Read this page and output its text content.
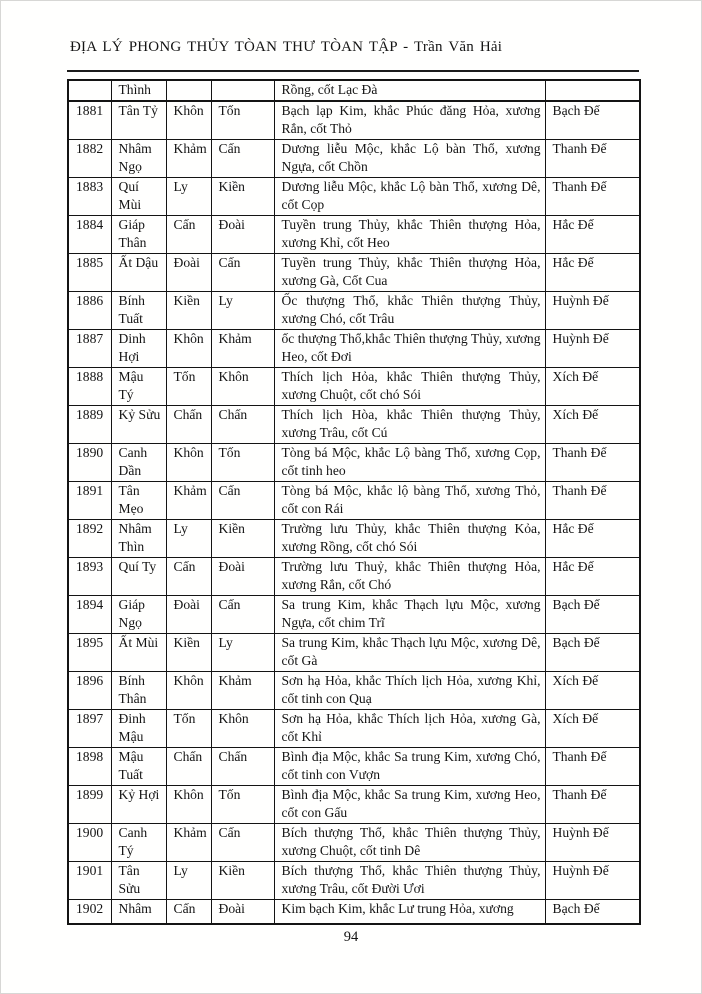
ĐỊA LÝ PHONG THỦY TÒAN THƯ TÒAN TẬP - Trần Văn Hải
	Thình			Rồng, cốt Lạc Đà	
1881	Tân Tỷ	Khôn	Tốn	Bạch lạp Kim, khắc Phúc đăng Hỏa, xương Rắn, cốt Thỏ	Bạch Đế
1882	Nhâm Ngọ	Khảm	Cấn	Dương liễu Mộc, khắc Lộ bàn Thổ, xương Ngựa, cốt Chồn	Thanh Đế
1883	Quí Mùi	Ly	Kiền	Dương liễu Mộc, khắc Lộ bàn Thổ, xương Dê, cốt Cọp	Thanh Đế
1884	Giáp Thân	Cấn	Đoài	Tuyền trung Thủy, khắc Thiên thượng Hỏa, xương Khỉ, cốt Heo	Hắc Đế
1885	Ất Dậu	Đoài	Cấn	Tuyền trung Thủy, khắc Thiên thượng Hỏa, xương Gà, Cốt Cua	Hắc Đế
1886	Bính Tuất	Kiền	Ly	Ốc thượng Thổ, khắc Thiên thượng Thủy, xương Chó, cốt Trâu	Huỳnh Đế
1887	Dinh Hợi	Khôn	Khảm	ốc thượng Thổ,khắc Thiên thượng Thủy, xương Heo, cốt Đơi	Huỳnh Đế
1888	Mậu Tý	Tốn	Khôn	Thích lịch Hỏa, khắc Thiên thượng Thủy, xương Chuột, cốt chó Sói	Xích Đế
1889	Kỷ Sửu	Chấn	Chấn	Thích lịch Hòa, khắc Thiên thượng Thủy, xương Trâu, cốt Cú	Xích Đế
1890	Canh Dần	Khôn	Tốn	Tòng bá Mộc, khắc Lộ bàng Thổ, xương Cọp, cốt tinh heo	Thanh Đế
1891	Tân Mẹo	Khảm	Cấn	Tòng bá Mộc, khắc lộ bàng Thổ, xương Thỏ, cốt con Rái	Thanh Đế
1892	Nhâm Thìn	Ly	Kiền	Trường lưu Thủy, khắc Thiên thượng Kỏa, xương Rồng, cốt chó Sói	Hắc Đế
1893	Quí Ty	Cấn	Đoài	Trường lưu Thuỷ, khắc Thiên thượng Hỏa, xương Rắn, cốt Chó	Hắc Đế
1894	Giáp Ngọ	Đoài	Cấn	Sa trung Kim, khắc Thạch lựu Mộc, xương Ngựa, cốt chim Trĩ	Bạch Đế
1895	Ất Mùi	Kiền	Ly	Sa trung Kim, khắc Thạch lựu Mộc, xương Dê, cốt Gà	Bạch Đế
1896	Bính Thân	Khôn	Khảm	Sơn hạ Hỏa, khắc Thích lịch Hỏa, xương Khỉ, cốt tinh con Quạ	Xích Đế
1897	Đinh Mậu	Tốn	Khôn	Sơn hạ Hỏa, khắc Thích lịch Hỏa, xương Gà, cốt Khỉ	Xích Đế
1898	Mậu Tuất	Chấn	Chấn	Bình địa Mộc, khắc Sa trung Kim, xương Chó, cốt tinh con Vượn	Thanh Đế
1899	Kỷ Hợi	Khôn	Tốn	Bình địa Mộc, khắc Sa trung Kim, xương Heo, cốt con Gấu	Thanh Đế
1900	Canh Tý	Khảm	Cấn	Bích thượng Thổ, khắc Thiên thượng Thủy, xương Chuột, cốt tinh Dê	Huỳnh Đế
1901	Tân Sửu	Ly	Kiền	Bích thượng Thổ, khắc Thiên thượng Thủy, xương Trâu, cốt Đười Ươi	Huỳnh Đế
1902	Nhâm	Cấn	Đoài	Kim bạch Kim, khắc Lư trung Hỏa, xương	Bạch Đế
94
